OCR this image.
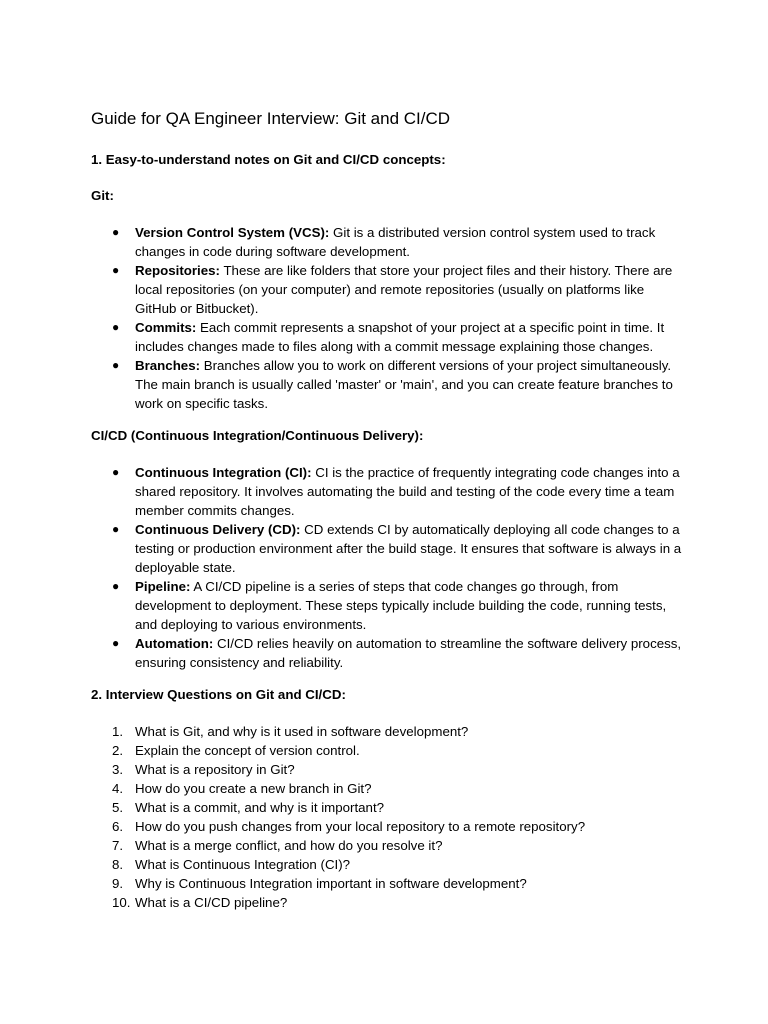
Guide for QA Engineer Interview: Git and CI/CD
1. Easy-to-understand notes on Git and CI/CD concepts:
Git:
● Version Control System (VCS): Git is a distributed version control system used to track changes in code during software development.
● Repositories: These are like folders that store your project files and their history. There are local repositories (on your computer) and remote repositories (usually on platforms like GitHub or Bitbucket).
● Commits: Each commit represents a snapshot of your project at a specific point in time. It includes changes made to files along with a commit message explaining those changes.
● Branches: Branches allow you to work on different versions of your project simultaneously. The main branch is usually called 'master' or 'main', and you can create feature branches to work on specific tasks.
CI/CD (Continuous Integration/Continuous Delivery):
● Continuous Integration (CI): CI is the practice of frequently integrating code changes into a shared repository. It involves automating the build and testing of the code every time a team member commits changes.
● Continuous Delivery (CD): CD extends CI by automatically deploying all code changes to a testing or production environment after the build stage. It ensures that software is always in a deployable state.
● Pipeline: A CI/CD pipeline is a series of steps that code changes go through, from development to deployment. These steps typically include building the code, running tests, and deploying to various environments.
● Automation: CI/CD relies heavily on automation to streamline the software delivery process, ensuring consistency and reliability.
2. Interview Questions on Git and CI/CD:
1. What is Git, and why is it used in software development?
2. Explain the concept of version control.
3. What is a repository in Git?
4. How do you create a new branch in Git?
5. What is a commit, and why is it important?
6. How do you push changes from your local repository to a remote repository?
7. What is a merge conflict, and how do you resolve it?
8. What is Continuous Integration (CI)?
9. Why is Continuous Integration important in software development?
10. What is a CI/CD pipeline?
